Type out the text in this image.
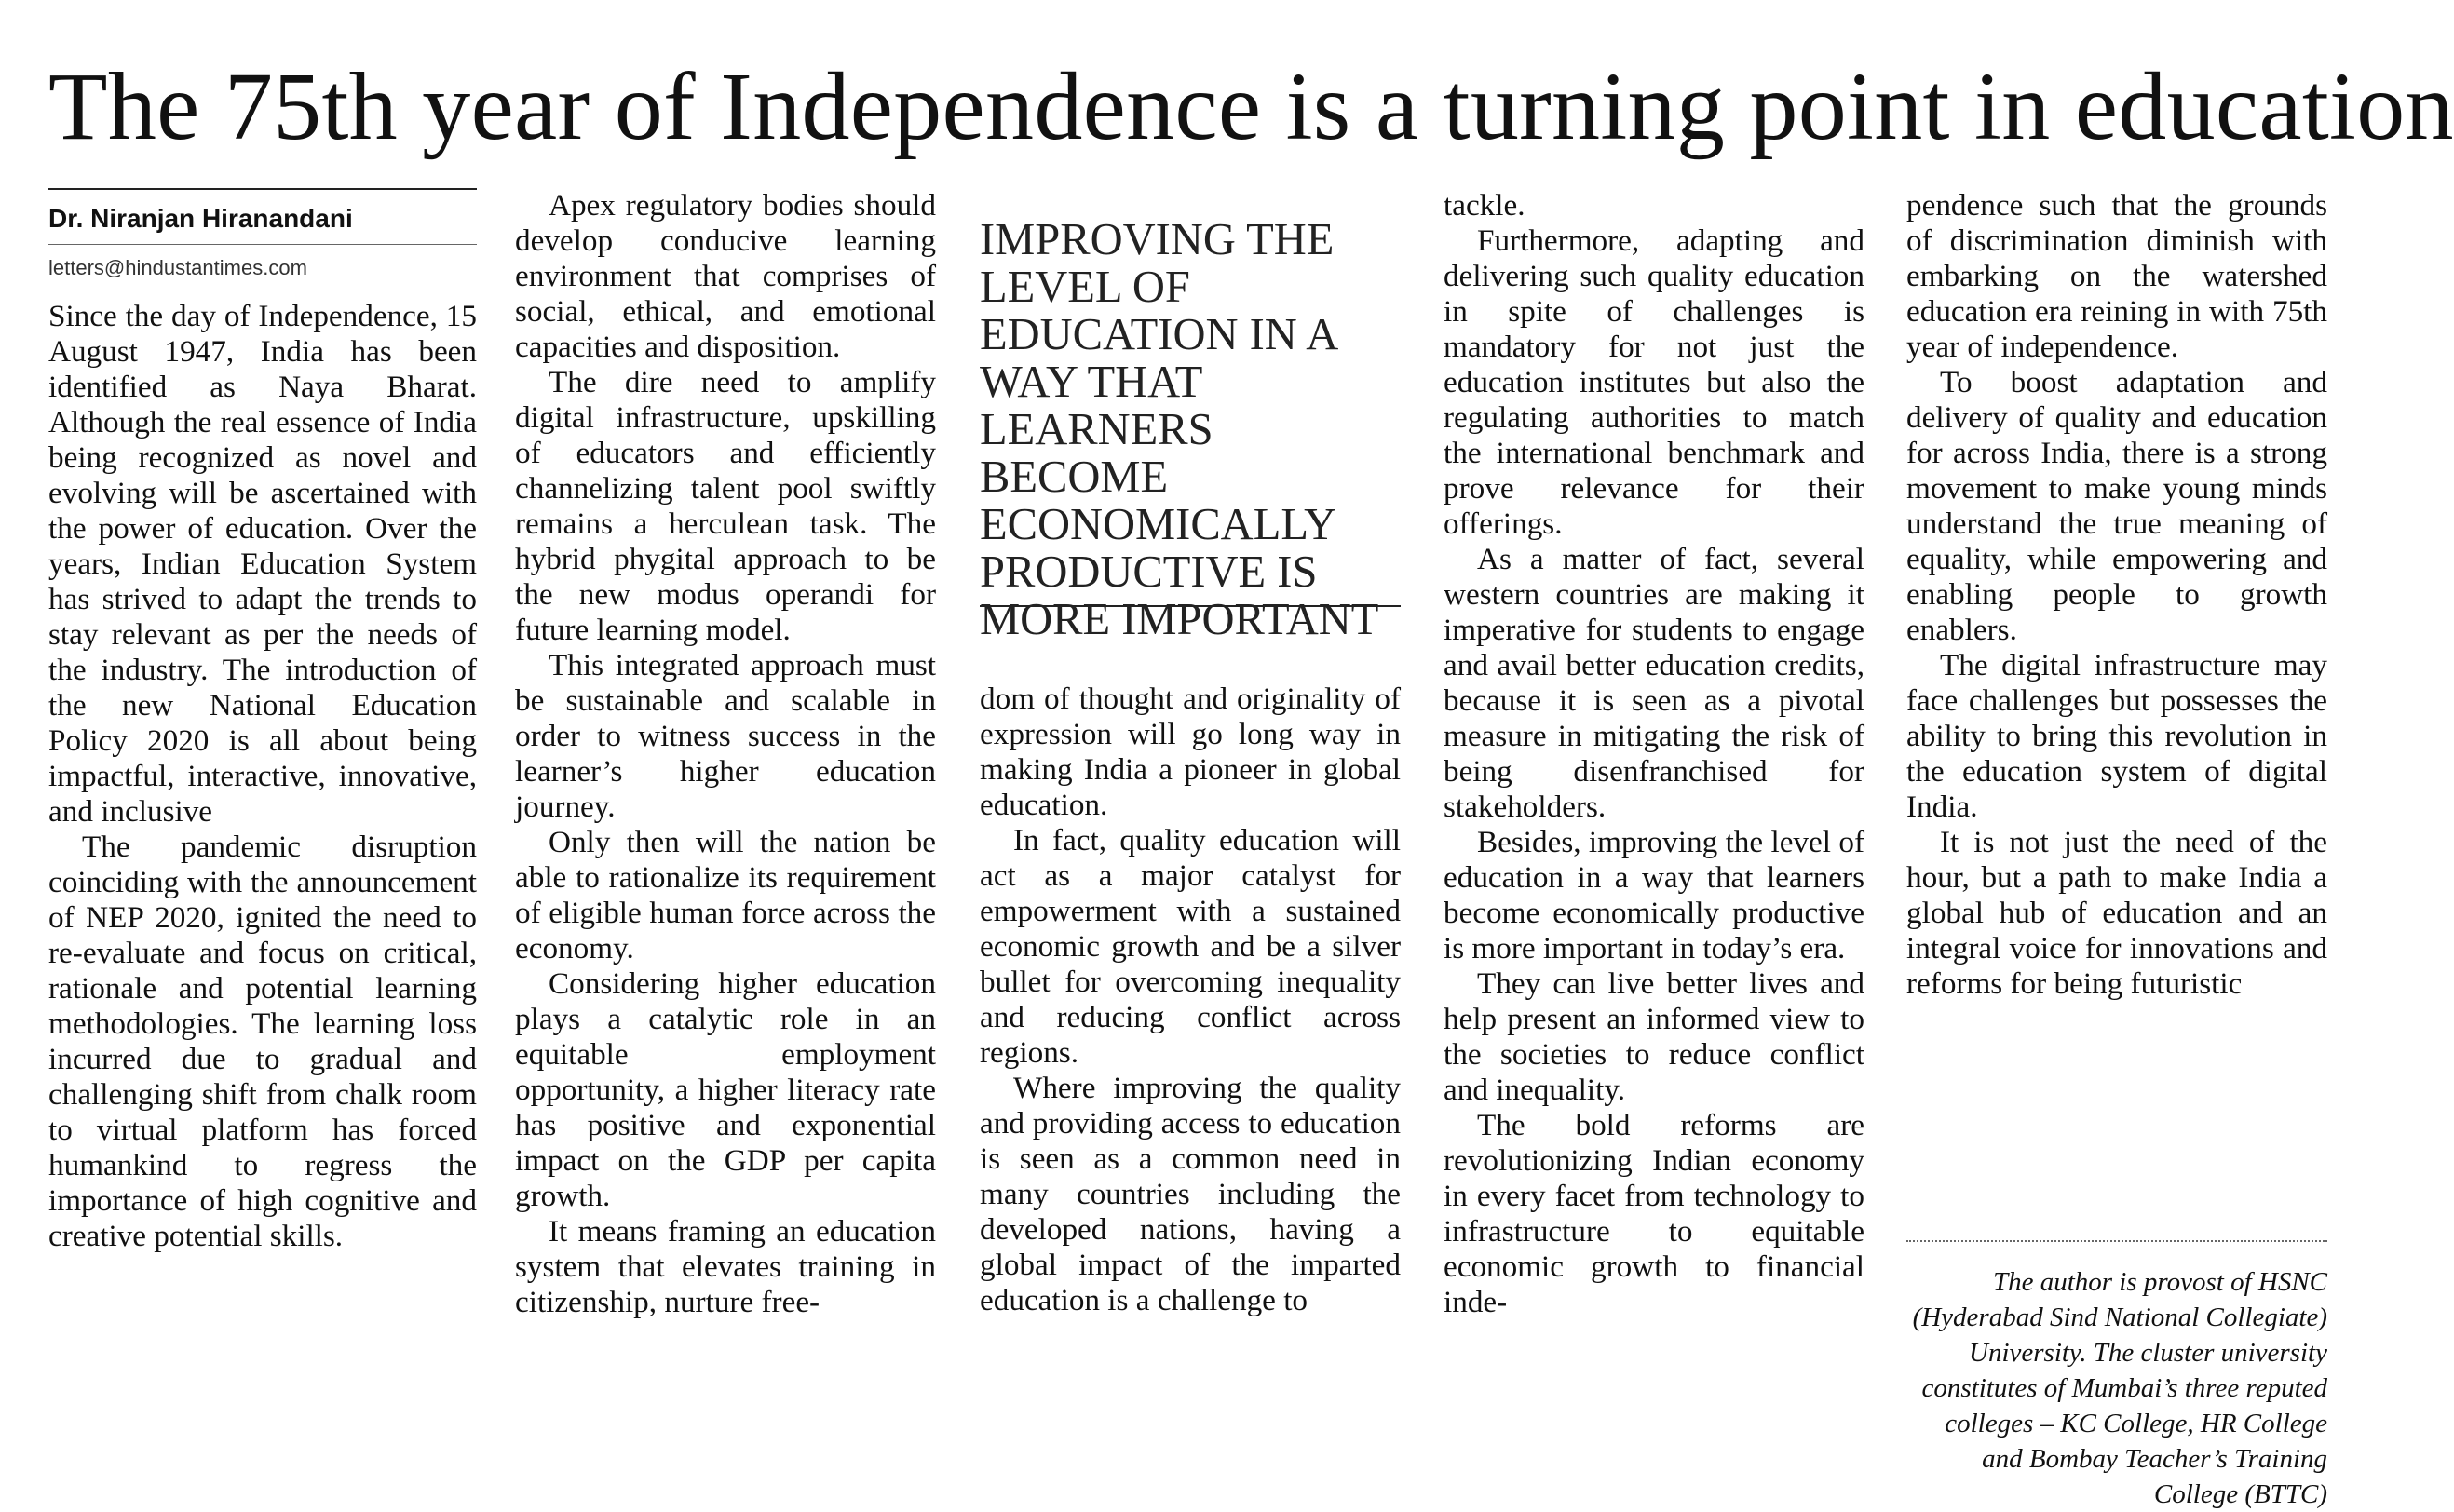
The 75th year of Independence is a turning point in education
Dr. Niranjan Hiranandani
letters@hindustantimes.com

Since the day of Independence, 15 August 1947, India has been identified as Naya Bharat. Although the real essence of India being recognized as novel and evolving will be ascertained with the power of education. Over the years, Indian Education System has strived to adapt the trends to stay relevant as per the needs of the industry. The introduction of the new National Education Policy 2020 is all about being impactful, interactive, innovative, and inclusive

The pandemic disruption coinciding with the announcement of NEP 2020, ignited the need to re-evaluate and focus on critical, rationale and potential learning methodologies. The learning loss incurred due to gradual and challenging shift from chalk room to virtual platform has forced humankind to regress the importance of high cognitive and creative potential skills.

Apex regulatory bodies should develop conducive learning environment that comprises of social, ethical, and emotional capacities and disposition.

The dire need to amplify digital infrastructure, upskilling of educators and efficiently channelizing talent pool swiftly remains a herculean task. The hybrid phygital approach to be the new modus operandi for future learning model.

This integrated approach must be sustainable and scalable in order to witness success in the learner’s higher education journey.

Only then will the nation be able to rationalize its requirement of eligible human force across the economy.

Considering higher education plays a catalytic role in an equitable employment opportunity, a higher literacy rate has positive and exponential impact on the GDP per capita growth.

It means framing an education system that elevates training in citizenship, nurture free-

IMPROVING THE LEVEL OF EDUCATION IN A WAY THAT LEARNERS BECOME ECONOMICALLY PRODUCTIVE IS MORE IMPORTANT

dom of thought and originality of expression will go long way in making India a pioneer in global education.

In fact, quality education will act as a major catalyst for empowerment with a sustained economic growth and be a silver bullet for overcoming inequality and reducing conflict across regions.

Where improving the quality and providing access to education is seen as a common need in many countries including the developed nations, having a global impact of the imparted education is a challenge to

tackle.

Furthermore, adapting and delivering such quality education in spite of challenges is mandatory for not just the education institutes but also the regulating authorities to match the international benchmark and prove relevance for their offerings.

As a matter of fact, several western countries are making it imperative for students to engage and avail better education credits, because it is seen as a pivotal measure in mitigating the risk of being disenfranchised for stakeholders.

Besides, improving the level of education in a way that learners become economically productive is more important in today’s era.

They can live better lives and help present an informed view to the societies to reduce conflict and inequality.

The bold reforms are revolutionizing Indian economy in every facet from technology to infrastructure to equitable economic growth to financial inde-

pendence such that the grounds of discrimination diminish with embarking on the watershed education era reining in with 75th year of independence.

To boost adaptation and delivery of quality and education for across India, there is a strong movement to make young minds understand the true meaning of equality, while empowering and enabling people to growth enablers.

The digital infrastructure may face challenges but possesses the ability to bring this revolution in the education system of digital India.

It is not just the need of the hour, but a path to make India a global hub of education and an integral voice for innovations and reforms for being futuristic

The author is provost of HSNC (Hyderabad Sind National Collegiate) University. The cluster university constitutes of Mumbai’s three reputed colleges – KC College, HR College and Bombay Teacher’s Training College (BTTC)
